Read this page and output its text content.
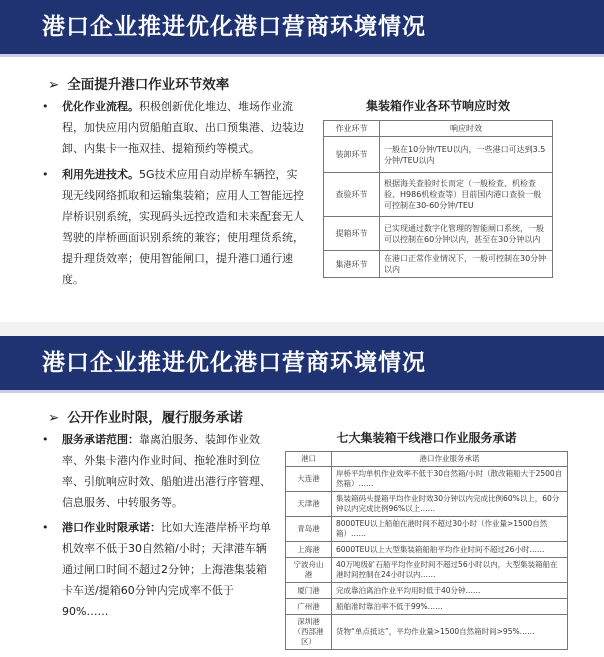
港口企业推进优化港口营商环境情况
➢ 全面提升港口作业环节效率

• 优化作业流程。积极创新优化堆边、堆场作业流程，加快应用内贸船舶直取、出口预集港、边装边卸、内集卡一拖双挂、提箱预约等模式。

• 利用先进技术。5G技术应用自动岸桥车辆控，实现无线网络抓取和运输集装箱；应用人工智能远控岸桥识别系统，实现码头远控改造和未来配套无人驾驶的岸桥画面识别系统的兼容；使用理货系统，提升理货效率；使用智能闸口，提升港口通行速度。

集装箱作业各环节响应时效
作业环节	响应时效
装卸环节	一般在10分钟/TEU以内，一些港口可达到3.5分钟/TEU以内
查验环节	根据海关查验时长而定（一般检查、机检查验、H986机检查等）目前国内港口查验一般可控制在30-60分钟/TEU
提箱环节	已实现通过数字化管理的智能闸口系统，一般可以控制在60分钟以内，甚至在30分钟以内
集港环节	在港口正常作业情况下，一般可控制在30分钟以内
港口企业推进优化港口营商环境情况
➢ 公开作业时限，履行服务承诺

• 服务承诺范围：靠离泊服务、装卸作业效率、外集卡港内作业时间、拖轮准时到位率、引航响应时效、船舶进出港行序管理、信息服务、中转服务等。

• 港口作业时限承诺：比如大连港岸桥平均单机效率不低于30自然箱/小时；天津港车辆通过闸口时间不超过2分钟；上海港集装箱卡车送/提箱60分钟内完成率不低于90%……

七大集装箱干线港口作业服务承诺
港口	港口作业服务承诺
大连港	岸桥平均单机作业效率不低于30自然箱/小时（散改箱船大于2500自然箱）……
天津港	集装箱码头提箱平均作业时效30分钟以内完成比例60%以上，60分钟以内完成比例96%以上……
青岛港	8000TEU以上船舶在港时间不超过30小时（作业量>1500自然箱）……
上海港	6000TEU以上大型集装箱船舶平均作业时间不超过26小时……
宁波舟山港	40万吨级矿石船平均作业时间不超过56小时以内，大型集装箱船在港时间控制在24小时以内……
厦门港	完成靠泊离泊作业平均用时低于40分钟……
广州港	船舶准时靠泊率不低于99%……
深圳港（西部港区）	货物“单点抵达”，平均作业量>1500自然箱时间>95%……
